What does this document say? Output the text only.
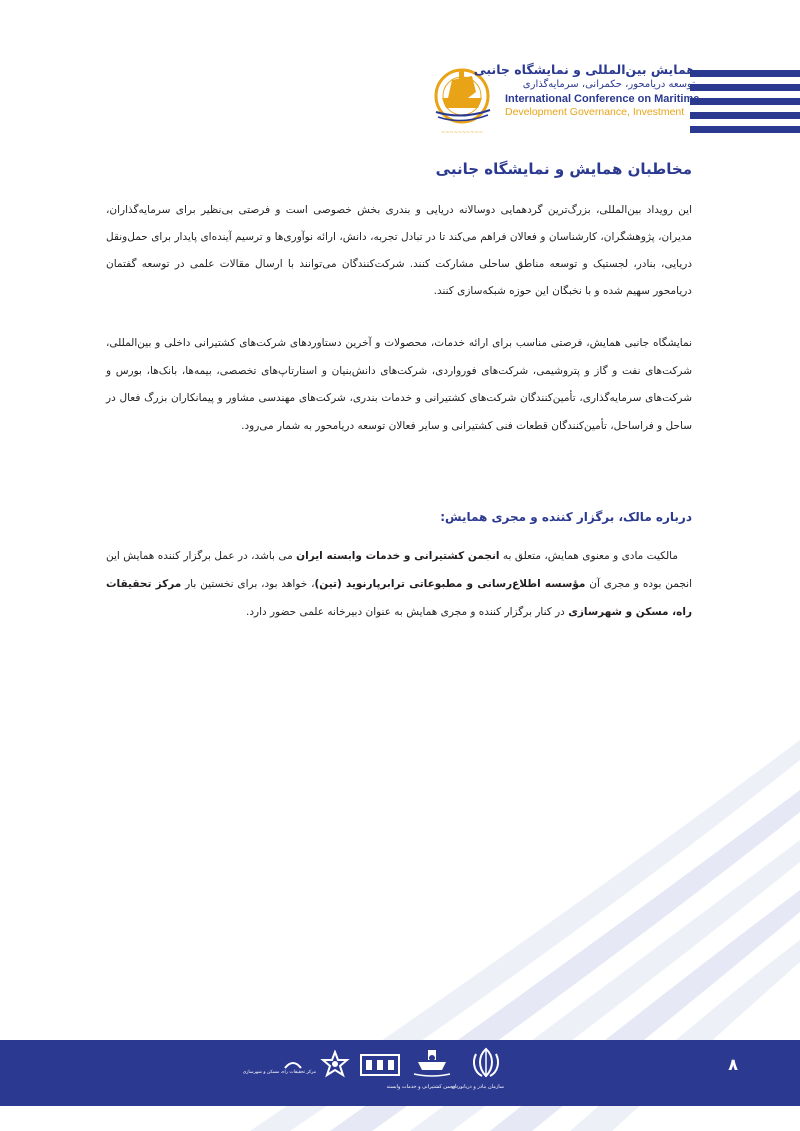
~~~~~~~~~~
همایش بین‌المللی و نمایشگاه جانبی
توسعه دریامحور، حکمرانی، سرمایه‌گذاری
International Conference on Maritime
Development Governance, Investment
مخاطبان همایش و نمایشگاه جانبی

این رویداد بین‌المللی، بزرگ‌ترین گردهمایی دوسالانه دریایی و بندری بخش خصوصی است و فرصتی بی‌نظیر برای سرمایه‌گذاران، مدیران، پژوهشگران، کارشناسان و فعالان فراهم می‌کند تا در تبادل تجربه، دانش، ارائه نوآوری‌ها و ترسیم آینده‌ای پایدار برای حمل‌ونقل دریایی، بنادر، لجستیک و توسعه مناطق ساحلی مشارکت کنند. شرکت‌کنندگان می‌توانند با ارسال مقالات علمی در توسعه گفتمان دریامحور سهیم شده و با نخبگان این حوزه شبکه‌سازی کنند.

نمایشگاه جانبی همایش، فرصتی مناسب برای ارائه خدمات، محصولات و آخرین دستاوردهای شرکت‌های کشتیرانی داخلی و بین‌المللی، شرکت‌های نفت و گاز و پتروشیمی، شرکت‌های فورواردی، شرکت‌های دانش‌بنیان و استارتاپ‌های تخصصی، بیمه‌ها، بانک‌ها، بورس و شرکت‌های سرمایه‌گذاری، تأمین‌کنندگان شرکت‌های کشتیرانی و خدمات بندری، شرکت‌های مهندسی مشاور و پیمانکاران بزرگ فعال در ساحل و فراساحل، تأمین‌کنندگان قطعات فنی کشتیرانی و سایر فعالان توسعه دریامحور به شمار می‌رود.

درباره مالک، برگزار کننده و مجری همایش:

مالکیت مادی و معنوی همایش، متعلق به انجمن کشتیرانی و خدمات وابسته ایران می باشد، در عمل برگزار کننده همایش این انجمن بوده و مجری آن مؤسسه اطلاع‌رسانی و مطبوعاتی ترابرپارنوید (تین)، خواهد بود، برای نخستین بار مرکز تحقیقات راه، مسکن و شهرسازی در کنار برگزار کننده و مجری همایش به عنوان دبیرخانه علمی حضور دارد.

۸
سازمان بنادر و دریانوردی
انجمن کشتیرانی و خدمات وابسته
مرکز تحقیقات راه، مسکن و شهرسازی
